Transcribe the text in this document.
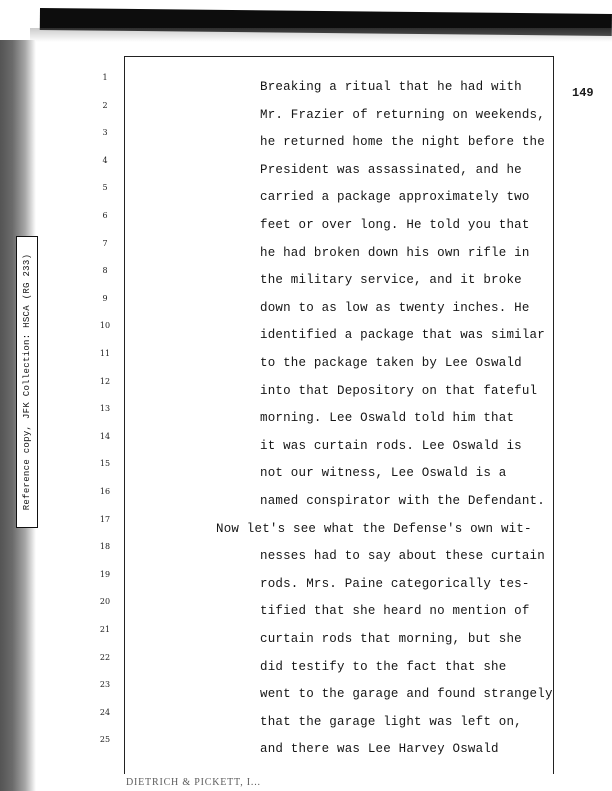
Reference copy, JFK Collection: HSCA (RG 233)
149
1
Breaking a ritual that he had with
2
Mr. Frazier of returning on weekends,
3
he returned home the night before the
4
President was assassinated, and he
5
carried a package approximately two
6
feet or over long. He told you that
7
he had broken down his own rifle in
8
the military service, and it broke
9
down to as low as twenty inches. He
10
identified a package that was similar
11
to the package taken by Lee Oswald
12
into that Depository on that fateful
13
morning. Lee Oswald told him that
14
it was curtain rods. Lee Oswald is
15
not our witness, Lee Oswald is a
16
named conspirator with the Defendant.
17
Now let's see what the Defense's own wit-
18
nesses had to say about these curtain
19
rods. Mrs. Paine categorically tes-
20
tified that she heard no mention of
21
curtain rods that morning, but she
22
did testify to the fact that she
23
went to the garage and found strangely
24
that the garage light was left on,
25
and there was Lee Harvey Oswald
DIETRICH & PICKETT, I...
